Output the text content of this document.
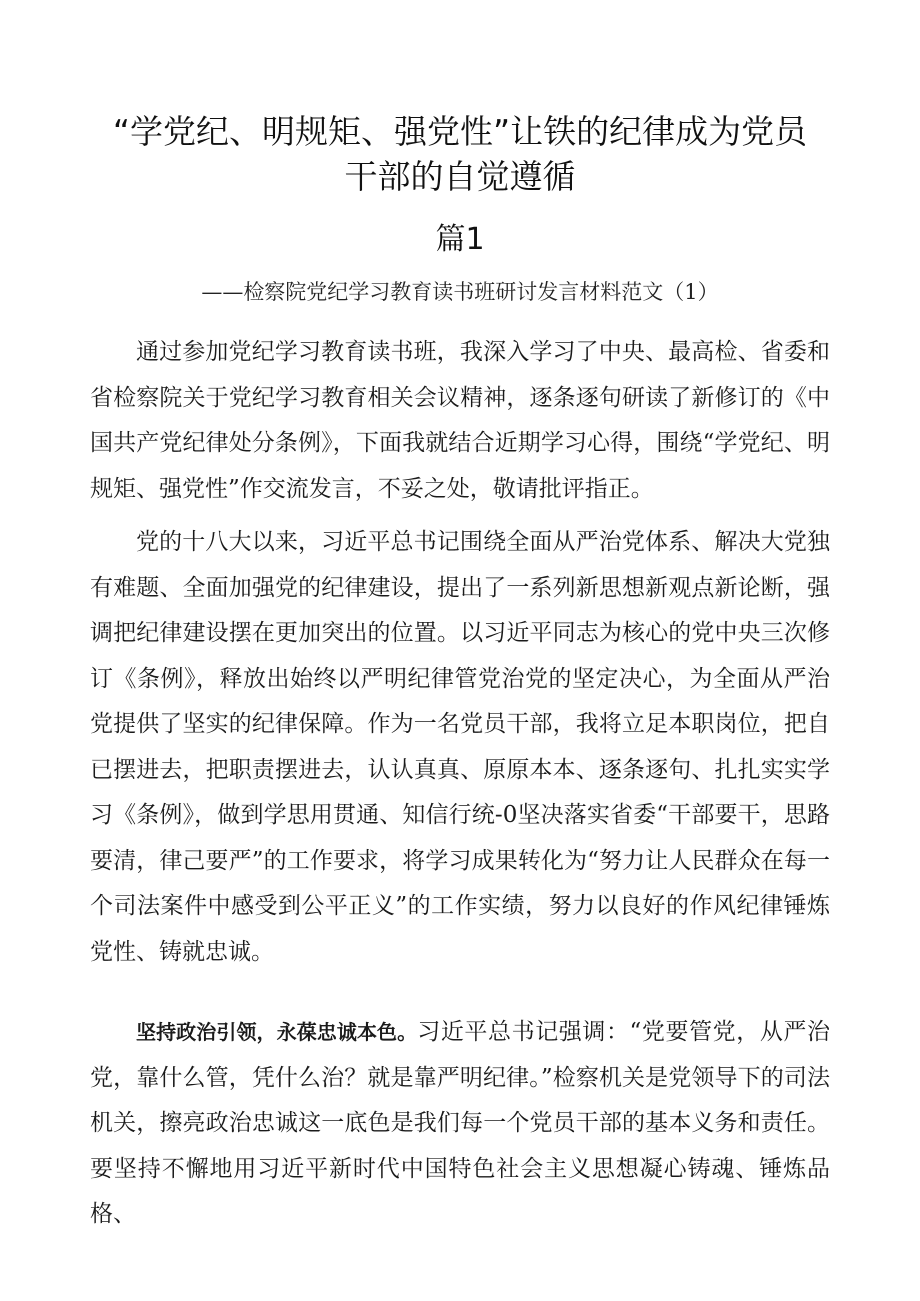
“学党纪、明规矩、强党性”让铁的纪律成为党员
干部的自觉遵循
篇1

——检察院党纪学习教育读书班研讨发言材料范文（1）

通过参加党纪学习教育读书班，我深入学习了中央、最高检、省委和省检察院关于党纪学习教育相关会议精神，逐条逐句研读了新修订的《中国共产党纪律处分条例》，下面我就结合近期学习心得，围绕“学党纪、明规矩、强党性”作交流发言，不妥之处，敬请批评指正。

党的十八大以来，习近平总书记围绕全面从严治党体系、解决大党独有难题、全面加强党的纪律建设，提出了一系列新思想新观点新论断，强调把纪律建设摆在更加突出的位置。以习近平同志为核心的党中央三次修订《条例》，释放出始终以严明纪律管党治党的坚定决心，为全面从严治党提供了坚实的纪律保障。作为一名党员干部，我将立足本职岗位，把自已摆进去，把职责摆进去，认认真真、原原本本、逐条逐句、扎扎实实学习《条例》，做到学思用贯通、知信行统-0坚决落实省委“干部要干，思路要清，律己要严”的工作要求，将学习成果转化为“努力让人民群众在每一个司法案件中感受到公平正义”的工作实绩，努力以良好的作风纪律锤炼党性、铸就忠诚。

坚持政治引领，永葆忠诚本色。习近平总书记强调：“党要管党，从严治党，靠什么管，凭什么治？就是靠严明纪律。”检察机关是党领导下的司法机关，擦亮政治忠诚这一底色是我们每一个党员干部的基本义务和责任。要坚持不懈地用习近平新时代中国特色社会主义思想凝心铸魂、锤炼品格、
